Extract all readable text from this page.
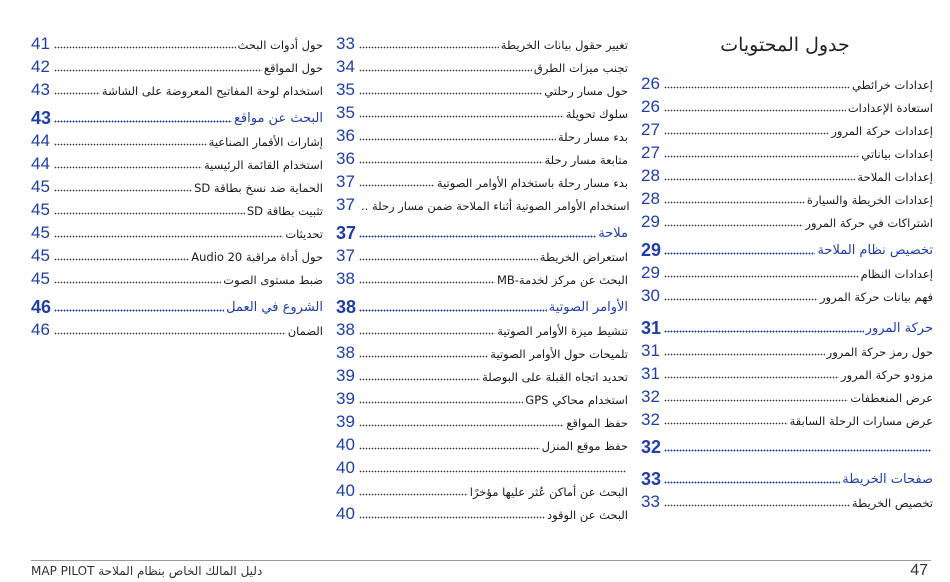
جدول المحتويات
26	إعدادات خرائطي
26	استعادة الإعدادات
27	إعدادات حركة المرور
27	إعدادات بياناتي
28	إعدادات الملاحة
28	إعدادات الخريطة والسيارة
29	اشتراكات في حركة المرور
29	تخصيص نظام الملاحة
29	إعدادات النظام
30	فهم بيانات حركة المرور
31	حركة المرور
31	حول رمز حركة المرور
31	مزودو حركة المرور
32	عرض المنعطفات
32	عرض مسارات الرحلة السابقة
32
33	صفحات الخريطة
33	تخصيص الخريطة
33	تغيير حقول بيانات الخريطة
34	تجنب ميزات الطرق
35	حول مسار رحلتي
35	سلوك تحويلة
36	بدء مسار رحلة
36	متابعة مسار رحلة
37	بدء مسار رحلة باستخدام الأوامر الصوتية
37 استخدام الأوامر الصوتية أثناء الملاحة ضمن مسار رحلة ..
37	ملاحة
37	استعراض الخريطة
38	البحث عن مركز لخدمة-MB
38	الأوامر الصوتية
38	تنشيط ميزة الأوامر الصوتية
38	تلميحات حول الأوامر الصوتية
39	تحديد اتجاه القبلة على البوصلة
39	استخدام محاكي GPS
39	حفظ المواقع
40	حفظ موقع المنزل
40
40	البحث عن أماكن عُثر عليها مؤخرًا
40	البحث عن الوقود
41	حول أدوات البحث
42	حول المواقع
43	استخدام لوحة المفاتيح المعروضة على الشاشة
43	البحث عن مواقع
44	إشارات الأقمار الصناعية
44	استخدام القائمة الرئيسية
45	الحماية ضد نسخ بطاقة SD
45	تثبيت بطاقة SD
45	تحديثات
45	حول أداة مراقبة Audio 20
45	ضبط مستوى الصوت
46	الشروع في العمل
46	الضمان
دليل المالك الخاص بنظام الملاحة MAP PILOT	47
